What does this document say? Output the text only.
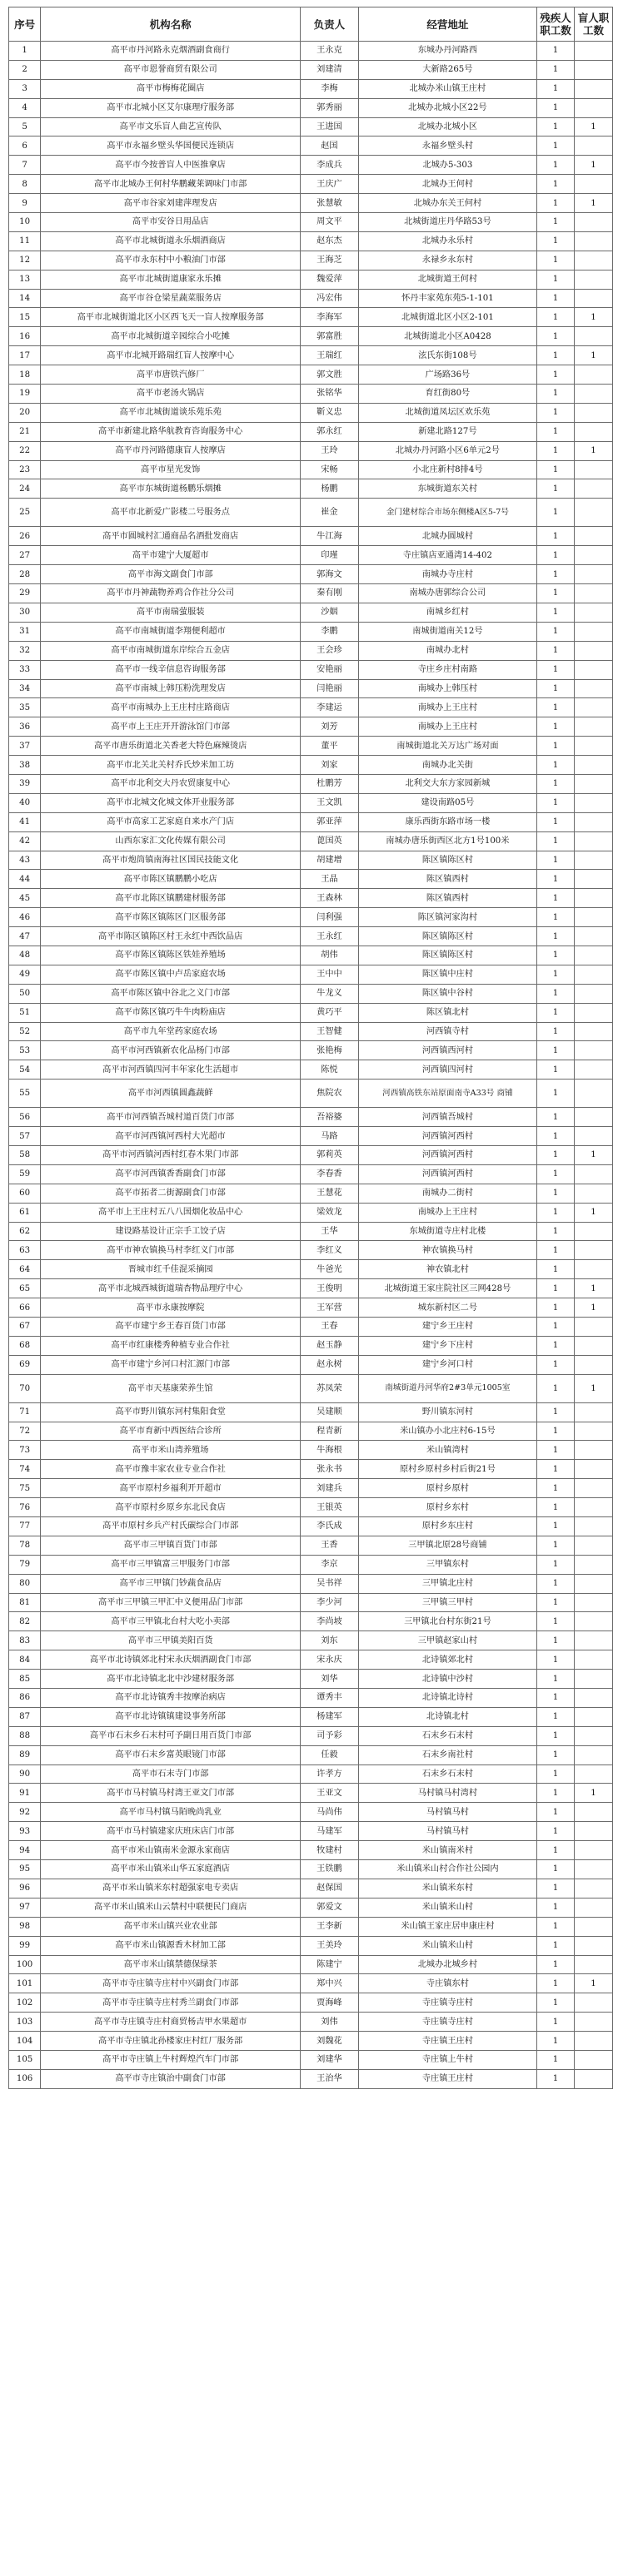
序号	机构名称	负责人	经营地址	残疾人职工数	盲人职工数
1	高平市丹河路永克烟酒副食商行	王永克	东城办丹河路西	1	
2	高平市恩誉商贸有限公司	刘建清	大新路265号	1	
3	高平市梅梅花圈店	李梅	北城办米山镇王庄村	1	
4	高平市北城小区艾尔康理疗服务部	郭秀丽	北城办北城小区22号	1	
5	高平市文乐盲人曲艺宣传队	王进国	北城办北城小区	1	1
6	高平市永福乡壁头华国便民连锁店	赵国	永福乡壁头村	1	
7	高平市今按普盲人中医推拿店	李成兵	北城办5-303	1	1
8	高平市北城办王何村华鹏藏莱调味门市部	王庆广	北城办王何村	1	
9	高平市谷家刘建萍理发店	张慧敏	北城办东关王何村	1	1
10	高平市安谷日用品店	周文平	北城街道庄丹华路53号	1	
11	高平市北城街道永乐烟酒商店	赵东杰	北城办永乐村	1	
12	高平市永东村中小粮油门市部	王海芝	永禄乡永东村	1	
13	高平市北城街道康家永乐摊	魏爱萍	北城街道王何村	1	
14	高平市谷仓梁星蔬菜服务店	冯宏伟	怀丹丰家苑东苑5-1-101	1	
15	高平市北城街道北区小区西飞天一盲人按摩服务部	李海军	北城街道北区小区2-101	1	1
16	高平市北城街道辛园综合小吃摊	郭富胜	北城街道北小区A0428	1	
17	高平市北城开路瑞红盲人按摩中心	王瑞红	泫氏东街108号	1	1
18	高平市唐铁汽修厂	郭文胜	广场路36号	1	
19	高平市老汤火锅店	张铭华	育红街80号	1	
20	高平市北城街道谈乐苑乐苑	靳义忠	北城街道凤坛区欢乐苑	1	
21	高平市新建北路华航教育咨询服务中心	郭永红	新建北路127号	1	
22	高平市丹河路德康盲人按摩店	王玲	北城办丹河路小区6单元2号	1	1
23	高平市星光发饰	宋畅	小北庄新村8排4号	1	
24	高平市东城街道杨鹏乐烟摊	杨鹏	东城街道东关村	1	
25	高平市北新爱广影楼二号服务点	崔金	金门建材综合市场东侧楼A区5-7号	1	
26	高平市圆城村汇通商品名酒批发商店	牛江海	北城办圆城村	1	
27	高平市建宁大厦超市	印瑾	寺庄镇店亚通湾14-402	1	
28	高平市海文副食门市部	郭海文	南城办寺庄村	1	
29	高平市丹神蔬物养鸡合作社分公司	秦有刚	南城办唐郭综合公司	1	
30	高平市南瑞萤服装	沙姻	南城乡红村	1	
31	高平市南城街道李翔便利超市	李鹏	南城街道南关12号	1	
32	高平市南城街道东岸综合五金店	王会珍	南城办北村	1	
33	高平市一线辛信息咨询服务部	安艳丽	寺庄乡庄村南路	1	
34	高平市南城上韩压粉洗理发店	闫艳丽	南城办上韩压村	1	
35	高平市南城办上王庄村庄路商店	李建运	南城办上王庄村	1	
36	高平市上王庄开开游泳馆门市部	刘芳	南城办上王庄村	1	
37	高平市唐乐街道北关香老大特色麻辣烫店	董平	南城街道北关万达广场对面	1	
38	高平市北关北关村乔氏炒米加工坊	刘家	南城办北关街	1	
39	高平市北利交大丹农贸康复中心	杜鹏芳	北利交大东方家园新城	1	
40	高平市北城文化城文体开业服务部	王文凯	建设南路05号	1	
41	高平市高家工艺家庭自来水产门店	郭亚萍	康乐西街东路市场一楼	1	
42	山西东家汇文化传媒有限公司	蓖国英	南城办唐乐街西区北方1号100米	1	
43	高平市炮筒镇南海社区国民技能文化	胡建增	陈区镇陈区村	1	
44	高平市陈区镇鹏鹏小吃店	王晶	陈区镇西村	1	
45	高平市北陈区镇鹏建材服务部	王森林	陈区镇西村	1	
46	高平市陈区镇陈区门区服务部	闫利强	陈区镇河家沟村	1	
47	高平市陈区镇陈区村王永红中西饮品店	王永红	陈区镇陈区村	1	
48	高平市陈区镇陈区铁娃养殖场	胡伟	陈区镇陈区村	1	
49	高平市陈区镇中卢岳家庭农场	王中中	陈区镇中庄村	1	
50	高平市陈区镇中谷北之义门市部	牛龙义	陈区镇中谷村	1	
51	高平市陈区镇巧牛牛肉粉庙店	黄巧平	陈区镇北村	1	
52	高平市九年堂药家庭农场	王智健	河西镇寺村	1	
53	高平市河西镇新农化品杨门市部	张艳梅	河西镇西河村	1	
54	高平市河西镇四河丰年家化生活超市	陈悦	河西镇四河村	1	
55	高平市河西镇圆鑫蔬鲜	焦院农	河西镇高铁东站原面南寺A33号 商铺	1	
56	高平市河西镇吾城村道百货门市部	吾裕婆	河西镇吾城村	1	
57	高平市河西镇河西村大光超市	马路	河西镇河西村	1	
58	高平市河西镇河西村红春木果门市部	郭莉英	河西镇河西村	1	1
59	高平市河西镇香香副食门市部	李春香	河西镇河西村	1	
60	高平市拓者二街源副食门市部	王慧花	南城办二街村	1	
61	高平市上王庄村五八八国烟化妆品中心	梁效龙	南城办上王庄村	1	1
62	建设路基设计正宗手工饺子店	王华	东城街道寺庄村北楼	1	
63	高平市神农镇换马村李红义门市部	李红义	神农镇换马村	1	
64	晋城市红千佳混采摘园	牛爸光	神农镇北村	1	
65	高平市北城西城街道瑞杏物品理疗中心	王俊明	北城街道王家庄院社区三网428号	1	1
66	高平市永康按摩院	王军营	城东新村区二号	1	1
67	高平市建宁乡王春百货门市部	王春	建宁乡王庄村	1	
68	高平市红康楼秀种植专业合作社	赵玉静	建宁乡下庄村	1	
69	高平市建宁乡河口村汇源门市部	赵永树	建宁乡河口村	1	
70	高平市天基康荣养生馆	苏凤荣	南城街道丹河华府2#3单元1005室	1	1
71	高平市野川镇东河村集阳食堂	吴建顺	野川镇东河村	1	
72	高平市育新中西医结合诊所	程青新	米山镇办小北庄村6-15号	1	
73	高平市米山湾养殖场	牛海根	米山镇湾村	1	
74	高平市豫丰家农业专业合作社	张永书	原村乡原村乡村后街21号	1	
75	高平市原村乡福利开开超市	刘建兵	原村乡原村	1	
76	高平市原村乡原乡东北民食店	王银英	原村乡东村	1	
77	高平市原村乡兵产村氏碳综合门市部	李氏成	原村乡东庄村	1	
78	高平市三甲镇百货门市部	王香	三甲镇北原28号商铺	1	
79	高平市三甲镇富三甲服务门市部	李京	三甲镇东村	1	
80	高平市三甲镇门钞蔬食品店	吴书祥	三甲镇北庄村	1	
81	高平市三甲镇三甲汇中义便用品门市部	李少河	三甲镇三甲村	1	
82	高平市三甲镇北台村大吃小卖部	李尚坡	三甲镇北台村东街21号	1	
83	高平市三甲镇美阳百货	刘东	三甲镇赵家山村	1	
84	高平市北诗镇郊北村宋永庆烟酒副食门市部	宋永庆	北诗镇郊北村	1	
85	高平市北诗镇北北中沙建材服务部	刘华	北诗镇中沙村	1	
86	高平市北诗镇秀丰按摩治病店	谭秀丰	北诗镇北诗村	1	
87	高平市北诗镇镇建设事务所部	杨建军	北诗镇北村	1	
88	高平市石末乡石末村可予副日用百货门市部	司予彩	石末乡石末村	1	
89	高平市石末乡富英眼镜门市部	任毅	石末乡南社村	1	
90	高平市石末寺门市部	许孝方	石末乡石末村	1	
91	高平市马村镇马村湾王亚文门市部	王亚文	马村镇马村湾村	1	1
92	高平市马村镇马陌晚尚乳业	马尚伟	马村镇马村	1	
93	高平市马村镇建家庆班床店门市部	马建军	马村镇马村	1	
94	高平市米山镇南米金源永家商店	牧建村	米山镇南米村	1	
95	高平市米山镇米山华五家庭酒店	王铁鹏	米山镇米山村合作社公园内	1	
96	高平市米山镇米东村超强家电专卖店	赵保国	米山镇米东村	1	
97	高平市米山镇米山云禁村中联便民门商店	郭爱文	米山镇米山村	1	
98	高平市米山镇兴业农业部	王李新	米山镇王家庄居申康庄村	1	
99	高平市米山镇源香木材加工部	王美玲	米山镇米山村	1	
100	高平市米山镇禁德保绿茶	陈建宁	北城办北城乡村	1	
101	高平市寺庄镇寺庄村中兴副食门市部	郑中兴	寺庄镇东村	1	1
102	高平市寺庄镇寺庄村秀兰副食门市部	贾海峰	寺庄镇寺庄村	1	
103	高平市寺庄镇寺庄村商贸杨吉甲水果超市	刘伟	寺庄镇寺庄村	1	
104	高平市寺庄镇北孙楼家庄村红厂服务部	刘魏花	寺庄镇王庄村	1	
105	高平市寺庄镇上牛村辉煌汽车门市部	刘建华	寺庄镇上牛村	1	
106	高平市寺庄镇治中副食门市部	王治华	寺庄镇王庄村	1	
